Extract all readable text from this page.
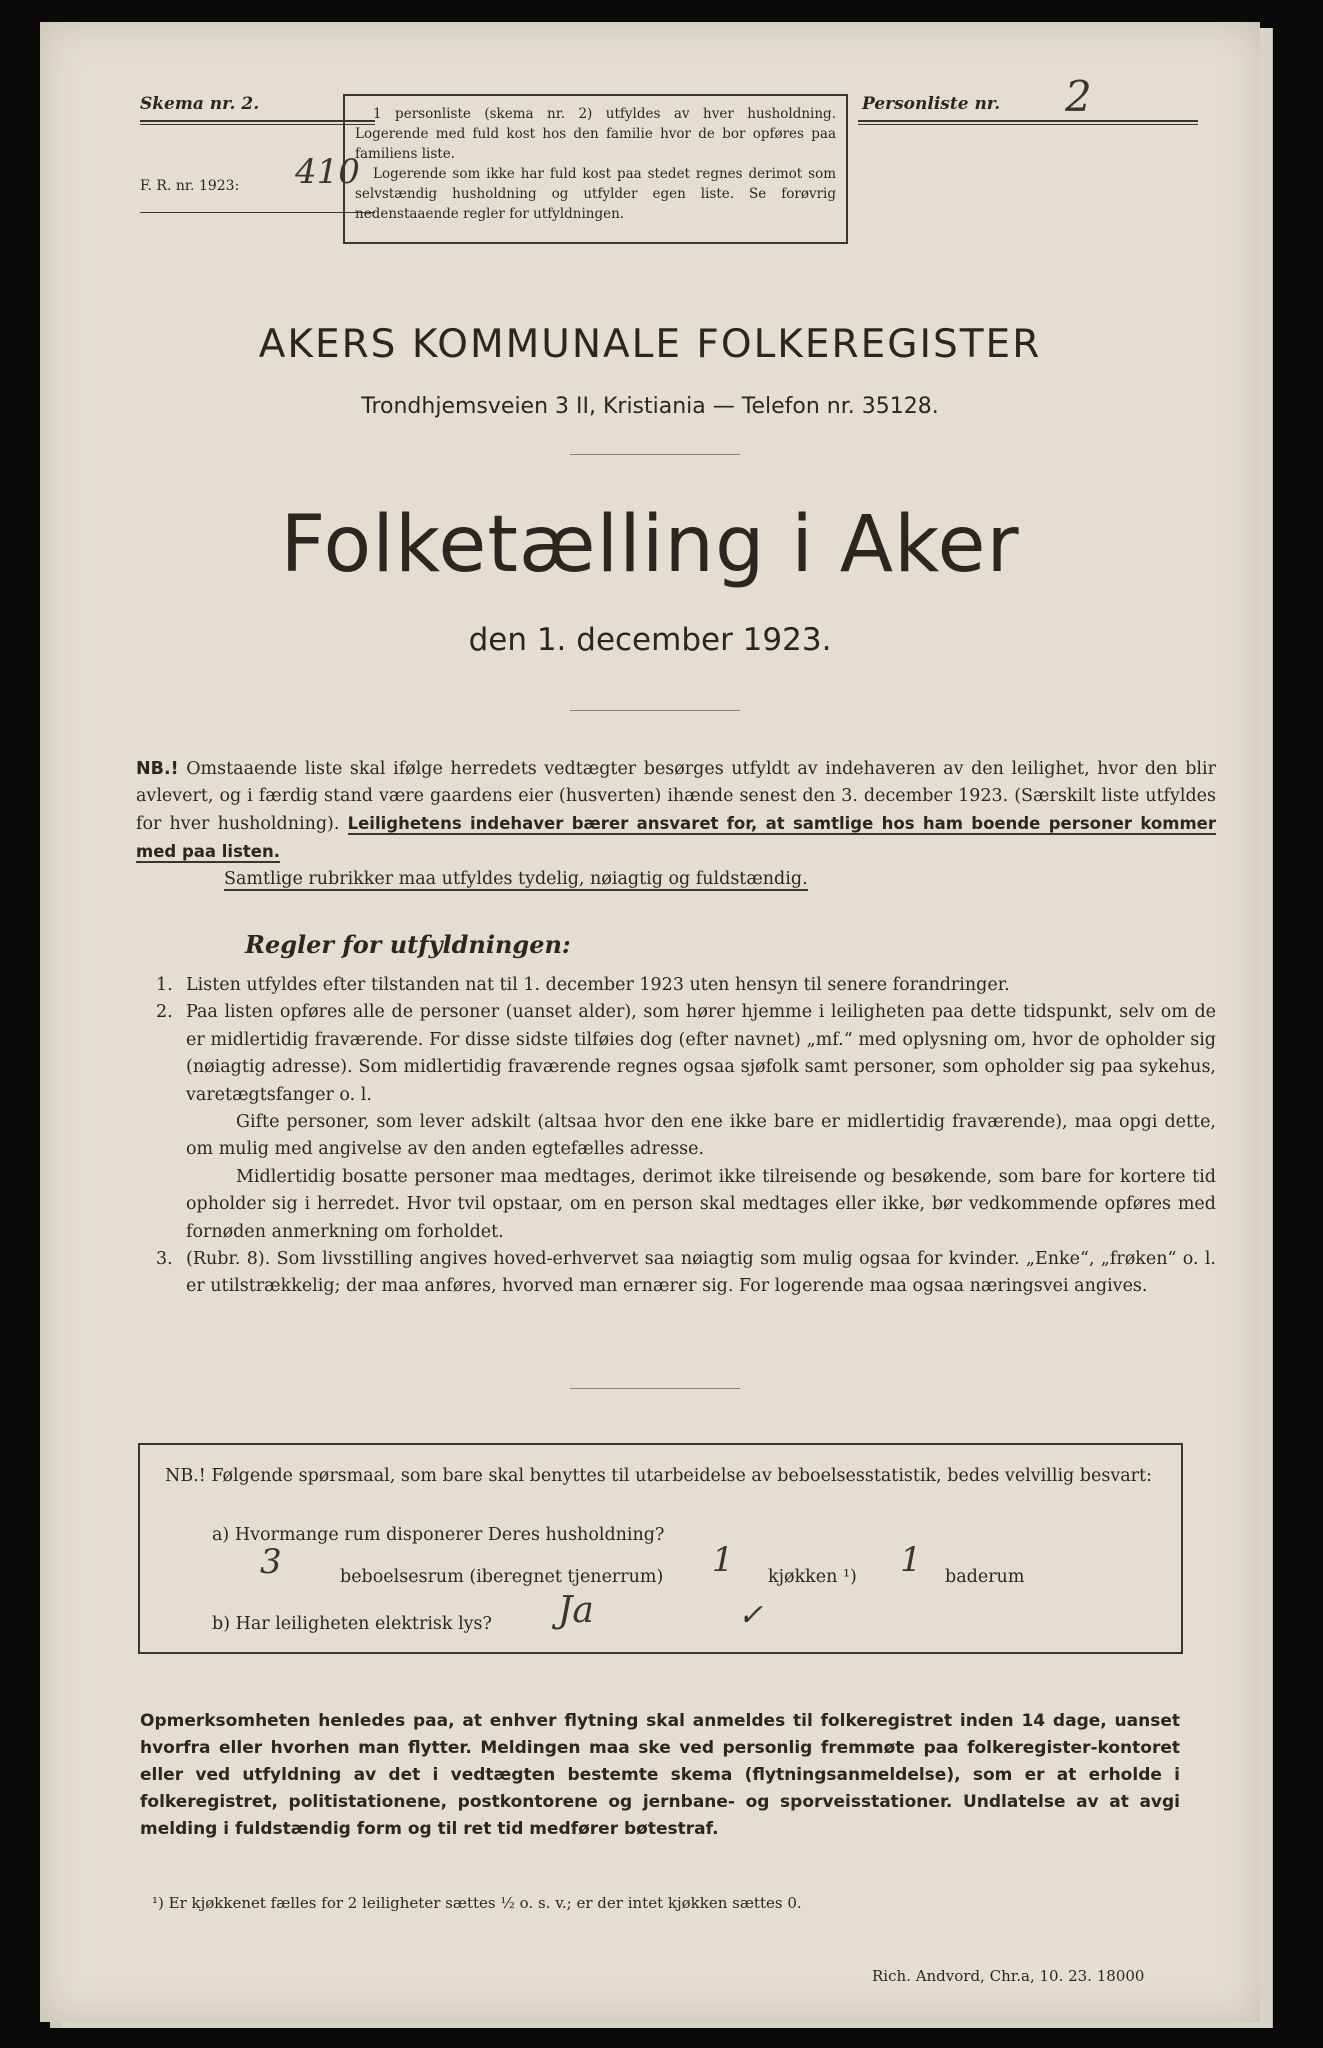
Skema nr. 2.
F. R. nr. 1923: 410
1 personliste (skema nr. 2) utfyldes av hver husholdning. Logerende med fuld kost hos den familie hvor de bor opføres paa familiens liste.
Logerende som ikke har fuld kost paa stedet regnes derimot som selvstændig husholdning og utfylder egen liste. Se forøvrig nedenstaaende regler for utfyldningen.
Personliste nr. 2
AKERS KOMMUNALE FOLKEREGISTER
Trondhjemsveien 3 II, Kristiania — Telefon nr. 35128.
Folketælling i Aker
den 1. december 1923.
NB.! Omstaaende liste skal ifølge herredets vedtægter besørges utfyldt av indehaveren av den leilighet, hvor den blir avlevert, og i færdig stand være gaardens eier (husverten) ihænde senest den 3. december 1923. (Særskilt liste utfyldes for hver husholdning). Leilighetens indehaver bærer ansvaret for, at samtlige hos ham boende personer kommer med paa listen.
Samtlige rubrikker maa utfyldes tydelig, nøiagtig og fuldstændig.
Regler for utfyldningen:
1. Listen utfyldes efter tilstanden nat til 1. december 1923 uten hensyn til senere forandringer.
2. Paa listen opføres alle de personer (uanset alder), som hører hjemme i leiligheten paa dette tidspunkt, selv om de er midlertidig fraværende. For disse sidste tilføies dog (efter navnet) „mf.“ med oplysning om, hvor de opholder sig (nøiagtig adresse). Som midlertidig fraværende regnes ogsaa sjøfolk samt personer, som opholder sig paa sykehus, varetægtsfanger o. l.
Gifte personer, som lever adskilt (altsaa hvor den ene ikke bare er midlertidig fraværende), maa opgi dette, om mulig med angivelse av den anden egtefælles adresse.
Midlertidig bosatte personer maa medtages, derimot ikke tilreisende og besøkende, som bare for kortere tid opholder sig i herredet. Hvor tvil opstaar, om en person skal medtages eller ikke, bør vedkommende opføres med fornøden anmerkning om forholdet.
3. (Rubr. 8). Som livsstilling angives hoved-erhvervet saa nøiagtig som mulig ogsaa for kvinder. „Enke“, „frøken“ o. l. er utilstrækkelig; der maa anføres, hvorved man ernærer sig. For logerende maa ogsaa næringsvei angives.
NB.! Følgende spørsmaal, som bare skal benyttes til utarbeidelse av beboelsesstatistik, bedes velvillig besvart:
a) Hvormange rum disponerer Deres husholdning?
3	beboelsesrum (iberegnet tjenerrum) 1 kjøkken ¹) 1 baderum
b) Har leiligheten elektrisk lys? Ja	✓
Opmerksomheten henledes paa, at enhver flytning skal anmeldes til folkeregistret inden 14 dage, uanset hvorfra eller hvorhen man flytter. Meldingen maa ske ved personlig fremmøte paa folkeregister-kontoret eller ved utfyldning av det i vedtægten bestemte skema (flytningsanmeldelse), som er at erholde i folkeregistret, politistationene, postkontorene og jernbane- og sporveisstationer. Undlatelse av at avgi melding i fuldstændig form og til ret tid medfører bøtestraf.
¹) Er kjøkkenet fælles for 2 leiligheter sættes ½ o. s. v.; er der intet kjøkken sættes 0.
Rich. Andvord, Chr.a, 10. 23. 18000
